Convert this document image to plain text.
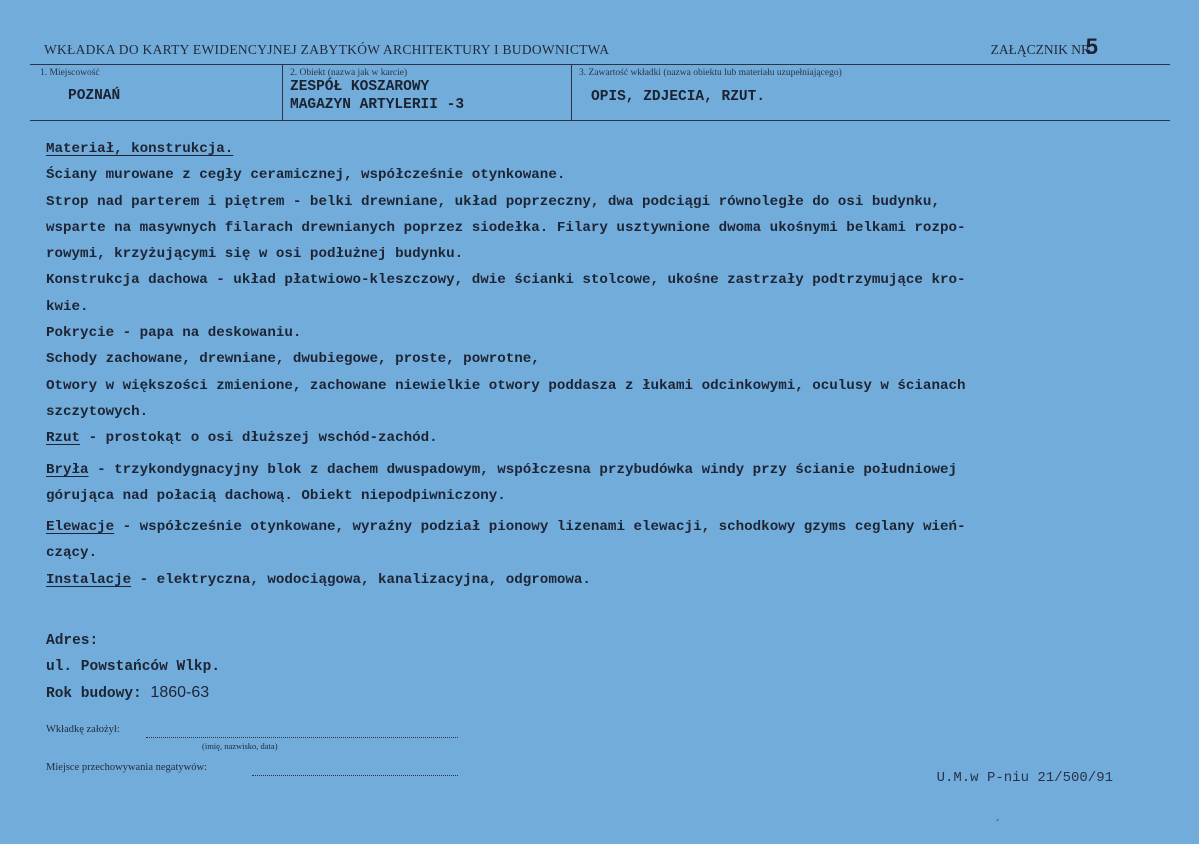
WKŁADKA DO KARTY EWIDENCYJNEJ ZABYTKÓW ARCHITEKTURY I BUDOWNICTWA	ZAŁĄCZNIK NR
5
1. Miejscowość
POZNAŃ
2. Obiekt (nazwa jak w karcie)
ZESPÓŁ KOSZAROWY
MAGAZYN ARTYLERII -3
3. Zawartość wkładki (nazwa obiektu lub materiału uzupełniającego)
OPIS, ZDJECIA, RZUT.
Materiał, konstrukcja.
Ściany murowane z cegły ceramicznej, współcześnie otynkowane.
Strop nad parterem i piętrem - belki drewniane, układ poprzeczny, dwa podciągi równoległe do osi budynku,
wsparte na masywnych filarach drewnianych poprzez siodełka. Filary usztywnione dwoma ukośnymi belkami rozpo-
rowymi, krzyżującymi się w osi podłużnej budynku.
Konstrukcja dachowa - układ płatwiowo-kleszczowy, dwie ścianki stolcowe, ukośne zastrzały podtrzymujące kro-
kwie.
Pokrycie - papa na deskowaniu.
Schody zachowane, drewniane, dwubiegowe, proste, powrotne,
Otwory w większości zmienione, zachowane niewielkie otwory poddasza z łukami odcinkowymi, oculusy w ścianach
szczytowych.
Rzut - prostokąt o osi dłuższej wschód-zachód.
Bryła - trzykondygnacyjny blok z dachem dwuspadowym, współczesna przybudówka windy przy ścianie południowej
górująca nad połacią dachową. Obiekt niepodpiwniczony.
Elewacje - współcześnie otynkowane, wyraźny podział pionowy lizenami elewacji, schodkowy gzyms ceglany wień-
czący.
Instalacje - elektryczna, wodociągowa, kanalizacyjna, odgromowa.
Adres:
ul. Powstańców Wlkp.
Rok budowy: 1860-63
Wkładkę założył:
(imię, nazwisko, data)
Miejsce przechowywania negatywów:
U.M.w P-niu 21/500/91
´
